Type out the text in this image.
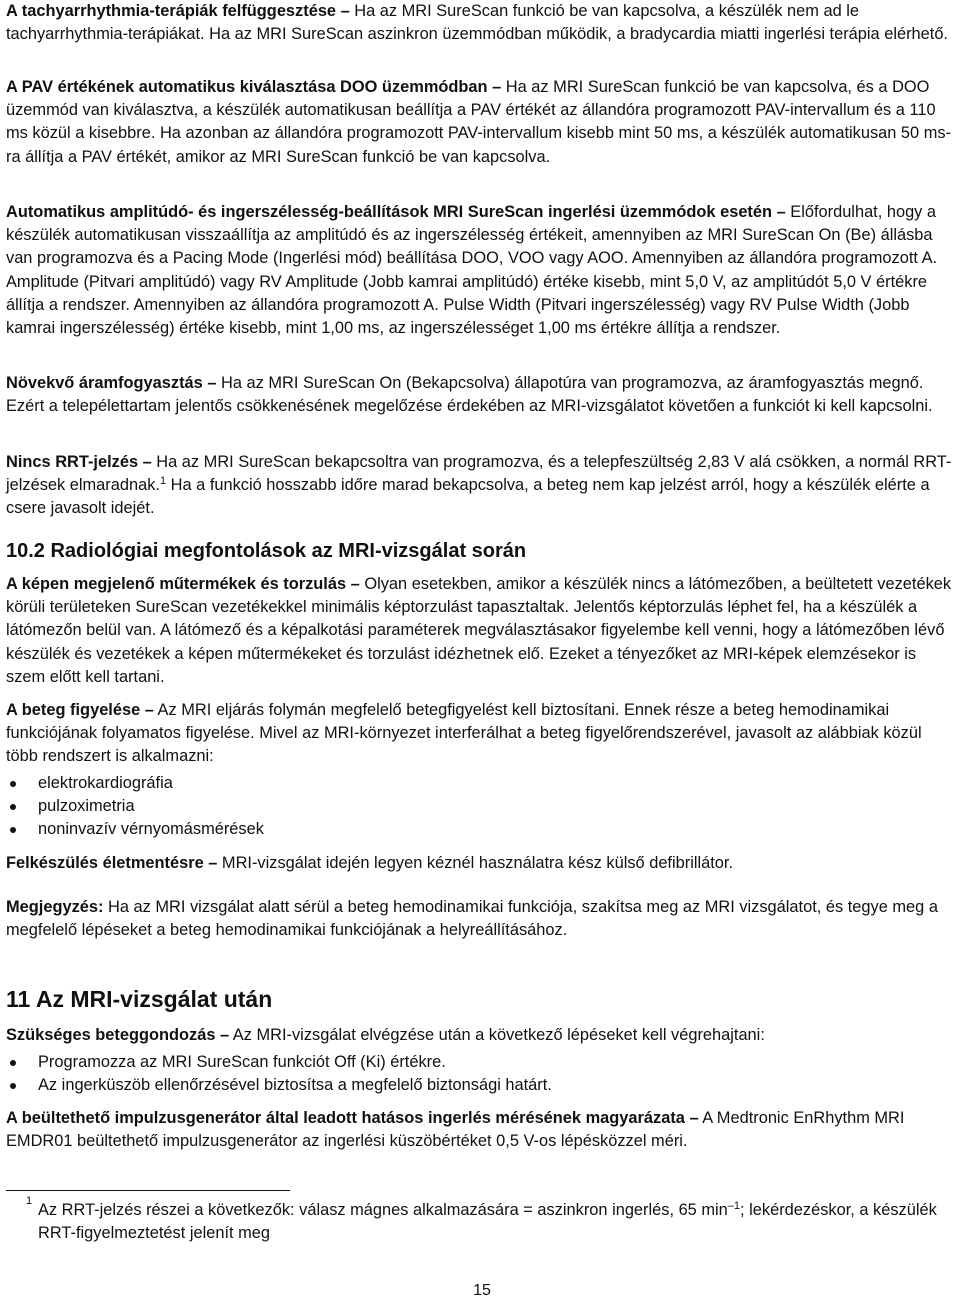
A tachyarrhythmia-terápiák felfüggesztése – Ha az MRI SureScan funkció be van kapcsolva, a készülék nem ad le tachyarrhythmia-terápiákat. Ha az MRI SureScan aszinkron üzemmódban működik, a bradycardia miatti ingerlési terápia elérhető.

A PAV értékének automatikus kiválasztása DOO üzemmódban – Ha az MRI SureScan funkció be van kapcsolva, és a DOO üzemmód van kiválasztva, a készülék automatikusan beállítja a PAV értékét az állandóra programozott PAV-intervallum és a 110 ms közül a kisebbre. Ha azonban az állandóra programozott PAV-intervallum kisebb mint 50 ms, a készülék automatikusan 50 ms-ra állítja a PAV értékét, amikor az MRI SureScan funkció be van kapcsolva.

Automatikus amplitúdó- és ingerszélesség-beállítások MRI SureScan ingerlési üzemmódok esetén – Előfordulhat, hogy a készülék automatikusan visszaállítja az amplitúdó és az ingerszélesség értékeit, amennyiben az MRI SureScan On (Be) állásba van programozva és a Pacing Mode (Ingerlési mód) beállítása DOO, VOO vagy AOO. Amennyiben az állandóra programozott A. Amplitude (Pitvari amplitúdó) vagy RV Amplitude (Jobb kamrai amplitúdó) értéke kisebb, mint 5,0 V, az amplitúdót 5,0 V értékre állítja a rendszer. Amennyiben az állandóra programozott A. Pulse Width (Pitvari ingerszélesség) vagy RV Pulse Width (Jobb kamrai ingerszélesség) értéke kisebb, mint 1,00 ms, az ingerszélességet 1,00 ms értékre állítja a rendszer.

Növekvő áramfogyasztás – Ha az MRI SureScan On (Bekapcsolva) állapotúra van programozva, az áramfogyasztás megnő. Ezért a telepélettartam jelentős csökkenésének megelőzése érdekében az MRI-vizsgálatot követően a funkciót ki kell kapcsolni.

Nincs RRT-jelzés – Ha az MRI SureScan bekapcsoltra van programozva, és a telepfeszültség 2,83 V alá csökken, a normál RRT-jelzések elmaradnak.$^1$ Ha a funkció hosszabb időre marad bekapcsolva, a beteg nem kap jelzést arról, hogy a készülék elérte a csere javasolt idejét.

10.2 Radiológiai megfontolások az MRI-vizsgálat során

A képen megjelenő műtermékek és torzulás – Olyan esetekben, amikor a készülék nincs a látómezőben, a beültetett vezetékek körüli területeken SureScan vezetékekkel minimális képtorzulást tapasztaltak. Jelentős képtorzulás léphet fel, ha a készülék a látómezőn belül van. A látómező és a képalkotási paraméterek megválasztásakor figyelembe kell venni, hogy a látómezőben lévő készülék és vezetékek a képen műtermékeket és torzulást idézhetnek elő. Ezeket a tényezőket az MRI-képek elemzésekor is szem előtt kell tartani.

A beteg figyelése – Az MRI eljárás folymán megfelelő betegfigyelést kell biztosítani. Ennek része a beteg hemodinamikai funkciójának folyamatos figyelése. Mivel az MRI-környezet interferálhat a beteg figyelőrendszerével, javasolt az alábbiak közül több rendszert is alkalmazni:

elektrokardiográfia
pulzoximetria
noninvazív vérnyomásmérések

Felkészülés életmentésre – MRI-vizsgálat idején legyen kéznél használatra kész külső defibrillátor.

Megjegyzés: Ha az MRI vizsgálat alatt sérül a beteg hemodinamikai funkciója, szakítsa meg az MRI vizsgálatot, és tegye meg a megfelelő lépéseket a beteg hemodinamikai funkciójának a helyreállításához.

11 Az MRI-vizsgálat után

Szükséges beteggondozás – Az MRI-vizsgálat elvégzése után a következő lépéseket kell végrehajtani:

Programozza az MRI SureScan funkciót Off (Ki) értékre.
Az ingerküszöb ellenőrzésével biztosítsa a megfelelő biztonsági határt.

A beültethető impulzusgenerátor által leadott hatásos ingerlés mérésének magyarázata – A Medtronic EnRhythm MRI EMDR01 beültethető impulzusgenerátor az ingerlési küszöbértéket 0,5 V-os lépésközzel méri.

1 Az RRT-jelzés részei a következők: válasz mágnes alkalmazására = aszinkron ingerlés, 65 $\min^{-1}$; lekérdezéskor, a készülék RRT-figyelmeztetést jelenít meg

15
